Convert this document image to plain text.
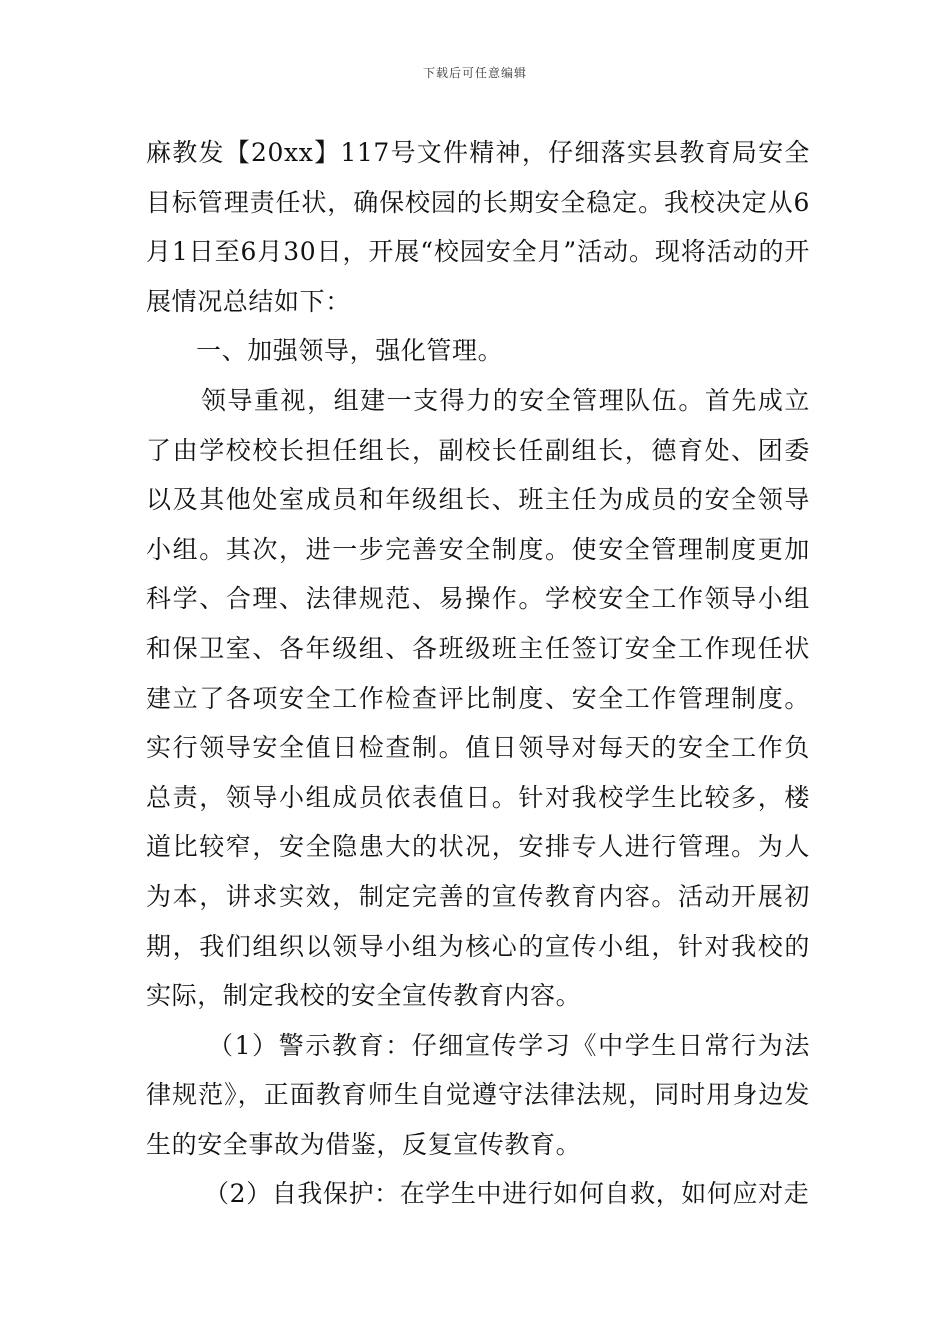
下载后可任意编辑

麻教发【20xx】117号文件精神，仔细落实县教育局安全目标管理责任状，确保校园的长期安全稳定。我校决定从6月1日至6月30日，开展“校园安全月”活动。现将活动的开展情况总结如下：

一、加强领导，强化管理。

领导重视，组建一支得力的安全管理队伍。首先成立了由学校校长担任组长，副校长任副组长，德育处、团委以及其他处室成员和年级组长、班主任为成员的安全领导小组。其次，进一步完善安全制度。使安全管理制度更加科学、合理、法律规范、易操作。学校安全工作领导小组和保卫室、各年级组、各班级班主任签订安全工作现任状建立了各项安全工作检查评比制度、安全工作管理制度。实行领导安全值日检查制。值日领导对每天的安全工作负总责，领导小组成员依表值日。针对我校学生比较多，楼道比较窄，安全隐患大的状况，安排专人进行管理。为人为本，讲求实效，制定完善的宣传教育内容。活动开展初期，我们组织以领导小组为核心的宣传小组，针对我校的实际，制定我校的安全宣传教育内容。

（1）警示教育：仔细宣传学习《中学生日常行为法律规范》，正面教育师生自觉遵守法律法规，同时用身边发生的安全事故为借鉴，反复宣传教育。

（2）自我保护：在学生中进行如何自救，如何应对走
